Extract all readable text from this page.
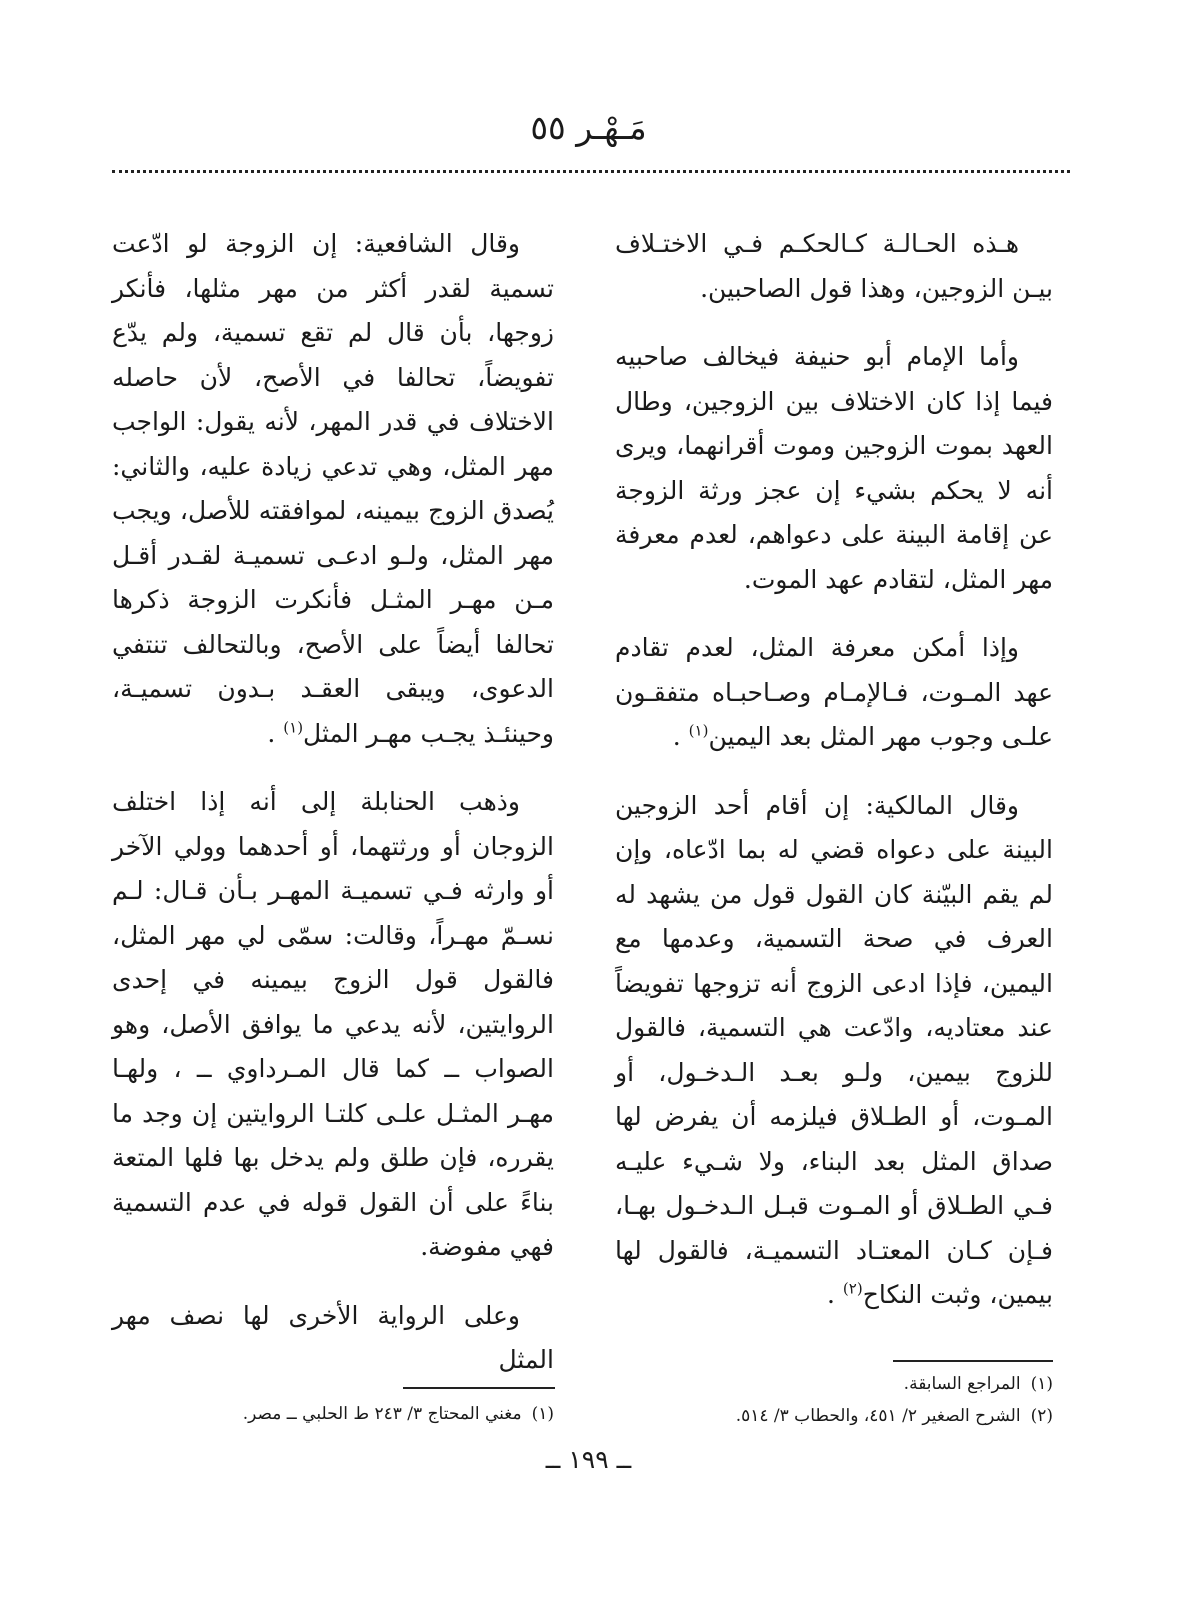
مَـهْـر ٥٥

هـذه الحـالـة كـالحكـم فـي الاختـلاف بيـن الزوجين، وهذا قول الصاحبين.

وأما الإمام أبو حنيفة فيخالف صاحبيه فيما إذا كان الاختلاف بين الزوجين، وطال العهد بموت الزوجين وموت أقرانهما، ويرى أنه لا يحكم بشيء إن عجز ورثة الزوجة عن إقامة البينة على دعواهم، لعدم معرفة مهر المثل، لتقادم عهد الموت.

وإذا أمكن معرفة المثل، لعدم تقادم عهد المـوت، فـالإمـام وصـاحبـاه متفقـون علـى وجوب مهر المثل بعد اليمين$^{(١)}$ .

وقال المالكية: إن أقام أحد الزوجين البينة على دعواه قضي له بما ادّعاه، وإن لم يقم البيّنة كان القول قول من يشهد له العرف في صحة التسمية، وعدمها مع اليمين، فإذا ادعى الزوج أنه تزوجها تفويضاً عند معتاديه، وادّعت هي التسمية، فالقول للزوج بيمين، ولـو بعـد الـدخـول، أو المـوت، أو الطـلاق فيلزمه أن يفرض لها صداق المثل بعد البناء، ولا شـيء عليـه فـي الطـلاق أو المـوت قبـل الـدخـول بهـا، فـإن كـان المعتـاد التسميـة، فالقول لها بيمين، وثبت النكاح$^{(٢)}$ .

وقال الشافعية: إن الزوجة لو ادّعت تسمية لقدر أكثر من مهر مثلها، فأنكر زوجها، بأن قال لم تقع تسمية، ولم يدّع تفويضاً، تحالفا في الأصح، لأن حاصله الاختلاف في قدر المهر، لأنه يقول: الواجب مهر المثل، وهي تدعي زيادة عليه، والثاني: يُصدق الزوج بيمينه، لموافقته للأصل، ويجب مهر المثل، ولـو ادعـى تسميـة لقـدر أقـل مـن مهـر المثـل فأنكرت الزوجة ذكرها تحالفا أيضاً على الأصح، وبالتحالف تنتفي الدعوى، ويبقى العقـد بـدون تسميـة، وحينئـذ يجـب مهـر المثل$^{(١)}$ .

وذهب الحنابلة إلى أنه إذا اختلف الزوجان أو ورثتهما، أو أحدهما وولي الآخر أو وارثه فـي تسميـة المهـر بـأن قـال: لـم نسـمّ مهـراً، وقالت: سمّى لي مهر المثل، فالقول قول الزوج بيمينه في إحدى الروايتين، لأنه يدعي ما يوافق الأصل، وهو الصواب ــ كما قال المـرداوي ــ ، ولهـا مهـر المثـل علـى كلتـا الروايتين إن وجد ما يقرره، فإن طلق ولم يدخل بها فلها المتعة بناءً على أن القول قوله في عدم التسمية فهي مفوضة.

وعلى الرواية الأخرى لها نصف مهر المثل

(١)المراجع السابقة.
(٢)الشرح الصغير ٢/ ٤٥١، والحطاب ٣/ ٥١٤.
(١)مغني المحتاج ٣/ ٢٤٣ ط الحلبي ــ مصر.
ــ ١٩٩ ــ
